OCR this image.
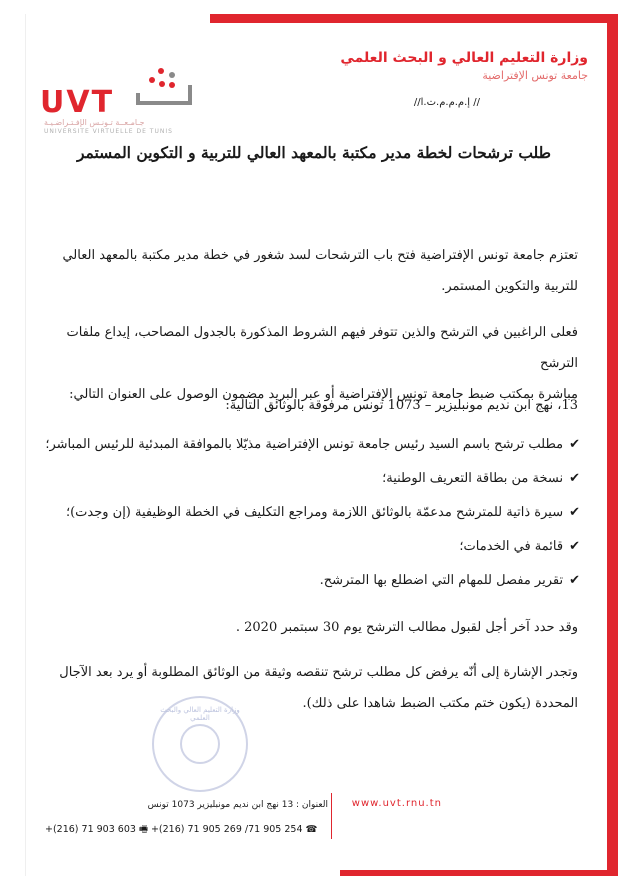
UVT
جـامـعــة تـونـس الإفـتـراضـيـة
UNIVERSITE VIRTUELLE DE TUNIS
وزارة التعليم العالي و البحث العلمي
جامعة تونس الإفتراضية
// إ.م.م.م.ت.ا//
طلب ترشحات لخطة مدير مكتبة بالمعهد العالي للتربية و التكوين المستمر
تعتزم جامعة تونس الإفتراضية فتح باب الترشحات لسد شغور في خطة مدير مكتبة بالمعهد العالي
للتربية والتكوين المستمر.
فعلى الراغبين في الترشح والذين تتوفر فيهم الشروط المذكورة بالجدول المصاحب، إيداع ملفات الترشح
مباشرة بمكتب ضبط جامعة تونس الإفتراضية أو عبر البريد مضمون الوصول على العنوان التالي:
13، نهج ابن نديم مونبليزير – 1073 تونس مرفوقة بالوثائق التالية:
✔مطلب ترشح باسم السيد رئيس جامعة تونس الإفتراضية مذيّلا بالموافقة المبدئية للرئيس المباشر؛
✔نسخة من بطاقة التعريف الوطنية؛
✔سيرة ذاتية للمترشح مدعمّة بالوثائق اللازمة ومراجع التكليف في الخطة الوظيفية (إن وجدت)؛
✔قائمة في الخدمات؛
✔تقرير مفصل للمهام التي اضطلع بها المترشح.
وقد حدد آخر أجل لقبول مطالب الترشح يوم 30 سبتمبر 2020 .
وتجدر الإشارة إلى أنّه يرفض كل مطلب ترشح تنقصه وثيقة من الوثائق المطلوبة أو يرد بعد الآجال
المحددة (يكون ختم مكتب الضبط شاهدا على ذلك).
وزارة التعليم العالي والبحث العلمي
العنوان : 13 نهج ابن نديم مونبليزير 1073 تونس www.uvt.rnu.tn
+(216) 71 903 603 🖷 +(216) 71 905 269 /71 905 254 ☎
